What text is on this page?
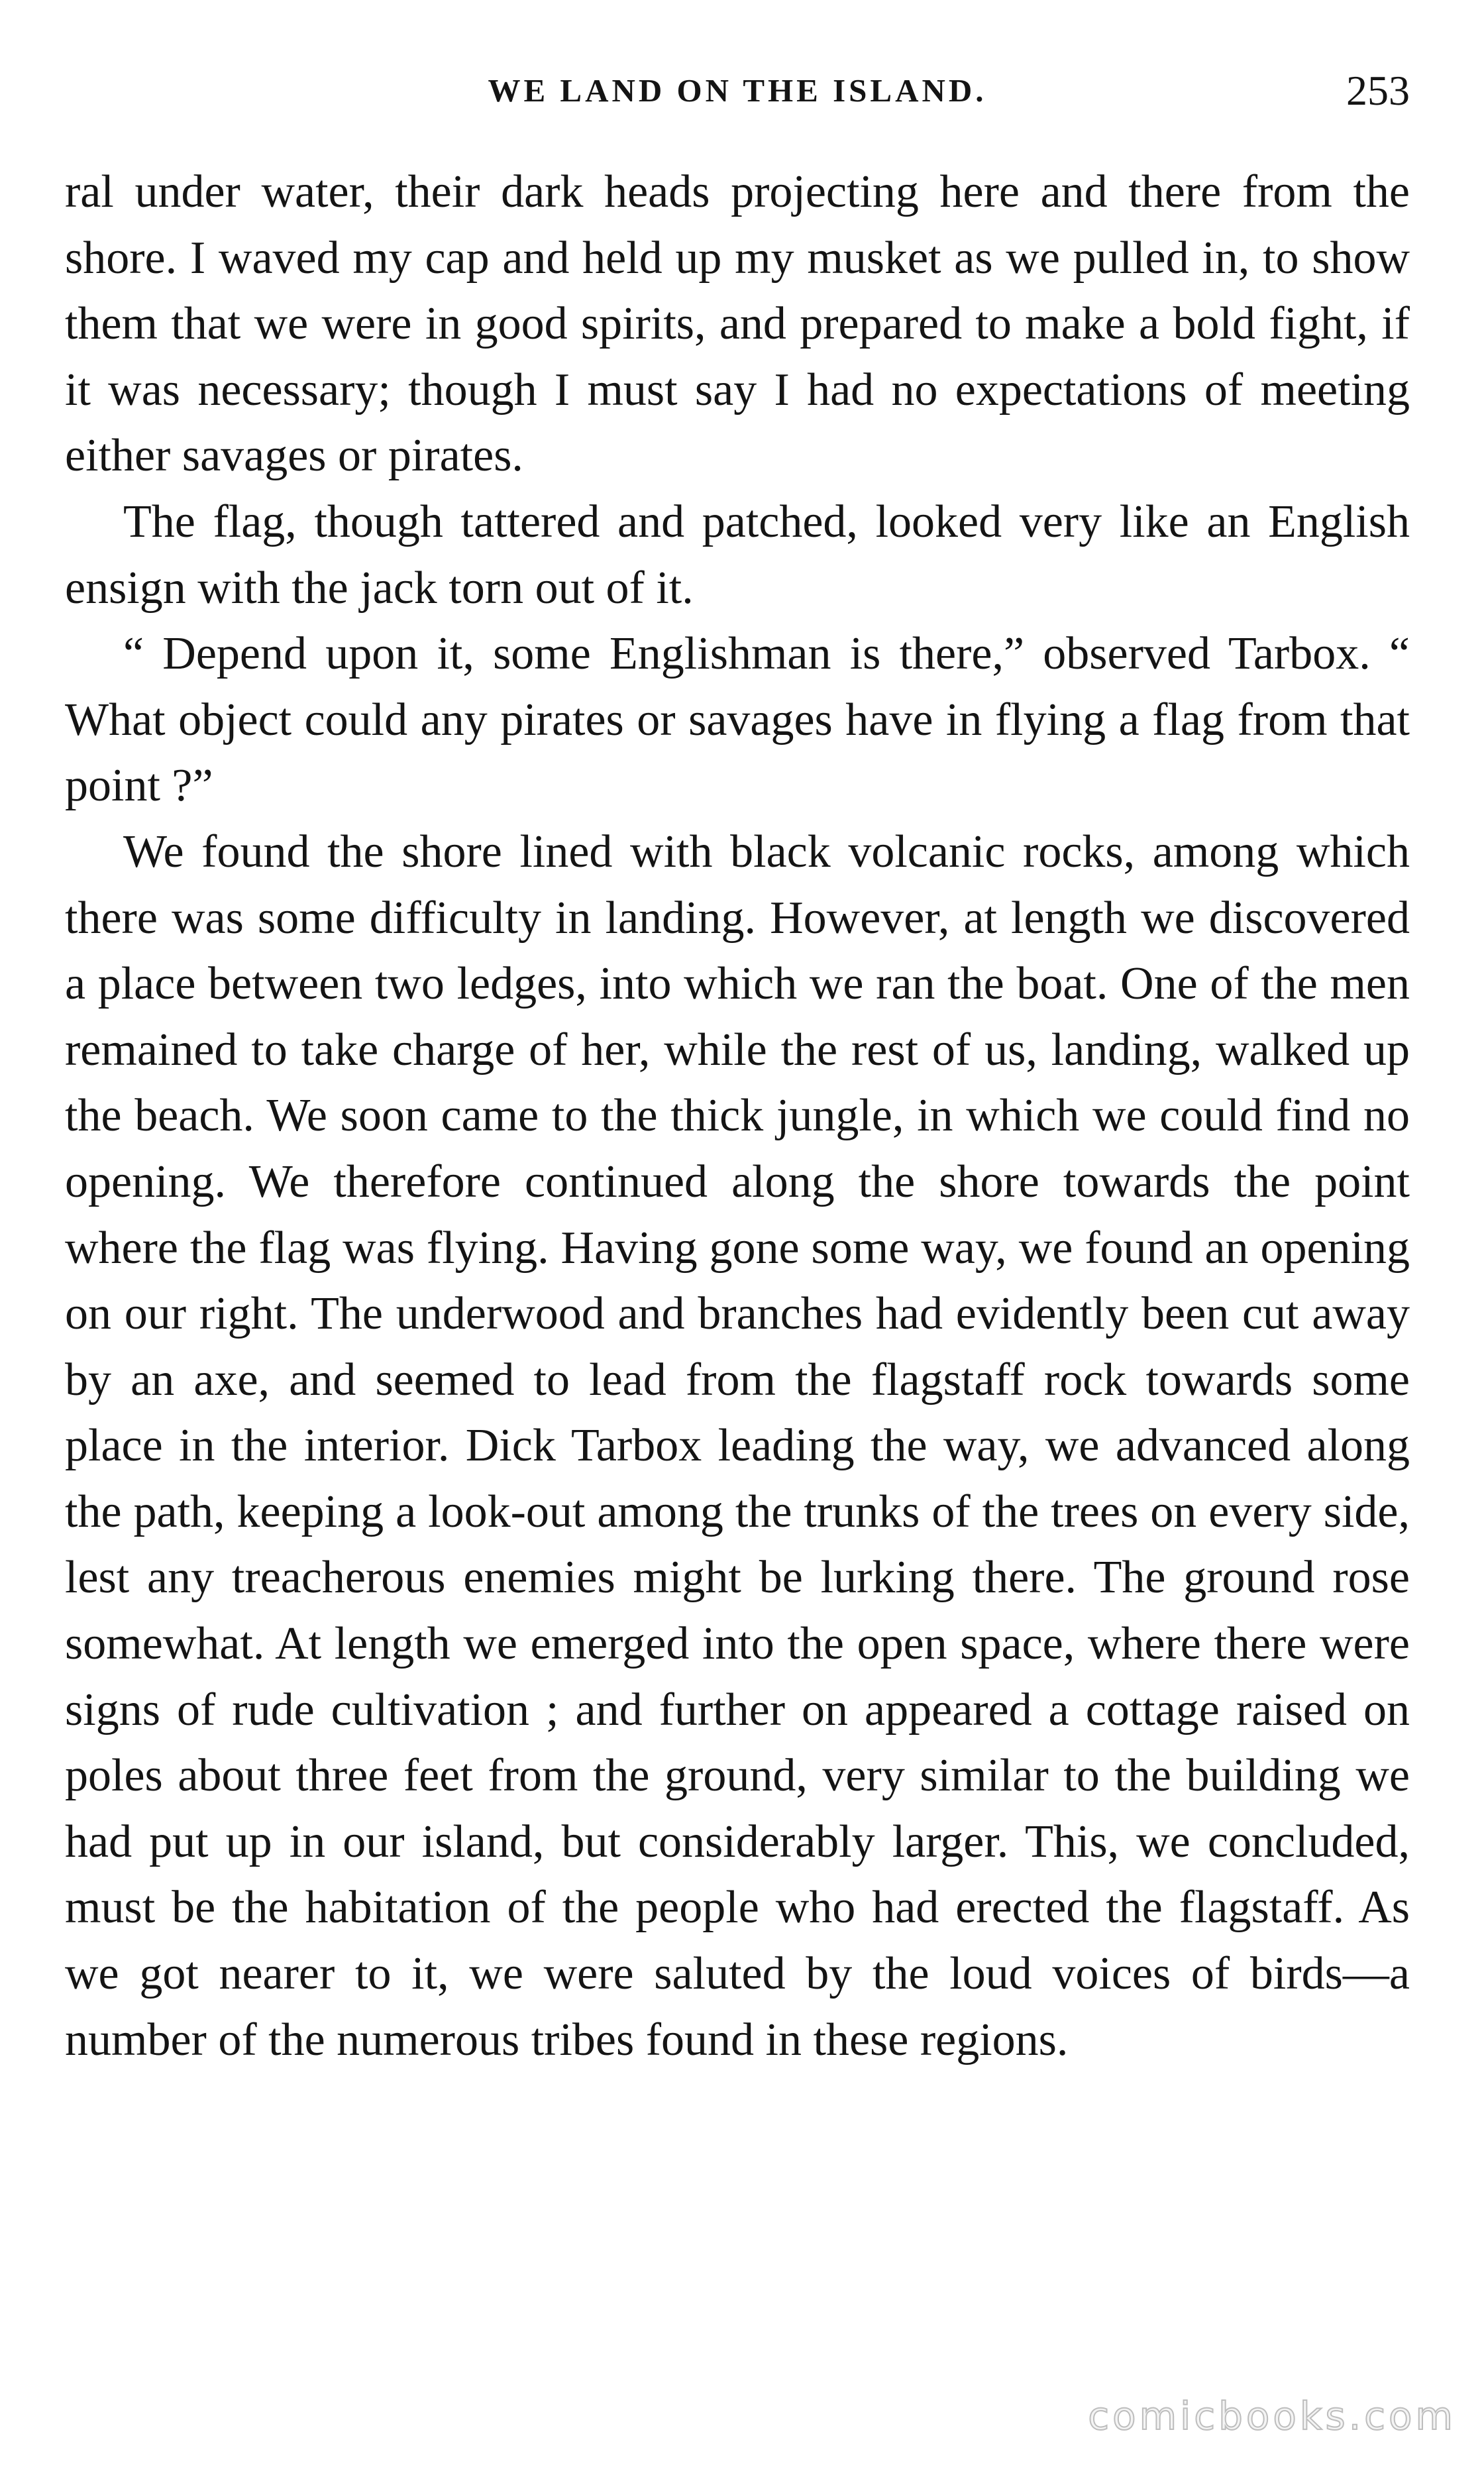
WE LAND ON THE ISLAND.	253

ral under water, their dark heads projecting here and there from the shore. I waved my cap and held up my musket as we pulled in, to show them that we were in good spirits, and prepared to make a bold fight, if it was necessary; though I must say I had no expectations of meeting either savages or pirates.

The flag, though tattered and patched, looked very like an English ensign with the jack torn out of it.

“ Depend upon it, some Englishman is there,” observed Tarbox. “ What object could any pirates or savages have in flying a flag from that point ?”

We found the shore lined with black volcanic rocks, among which there was some difficulty in landing. However, at length we discovered a place between two ledges, into which we ran the boat. One of the men remained to take charge of her, while the rest of us, landing, walked up the beach. We soon came to the thick jungle, in which we could find no opening. We therefore continued along the shore towards the point where the flag was flying. Having gone some way, we found an opening on our right. The underwood and branches had evidently been cut away by an axe, and seemed to lead from the flagstaff rock towards some place in the interior. Dick Tarbox leading the way, we advanced along the path, keeping a look-out among the trunks of the trees on every side, lest any treacherous enemies might be lurking there. The ground rose somewhat. At length we emerged into the open space, where there were signs of rude cultivation ; and further on appeared a cottage raised on poles about three feet from the ground, very similar to the building we had put up in our island, but considerably larger. This, we concluded, must be the habitation of the people who had erected the flagstaff. As we got nearer to it, we were saluted by the loud voices of birds—a number of the numerous tribes found in these regions.

comicbooks.com
